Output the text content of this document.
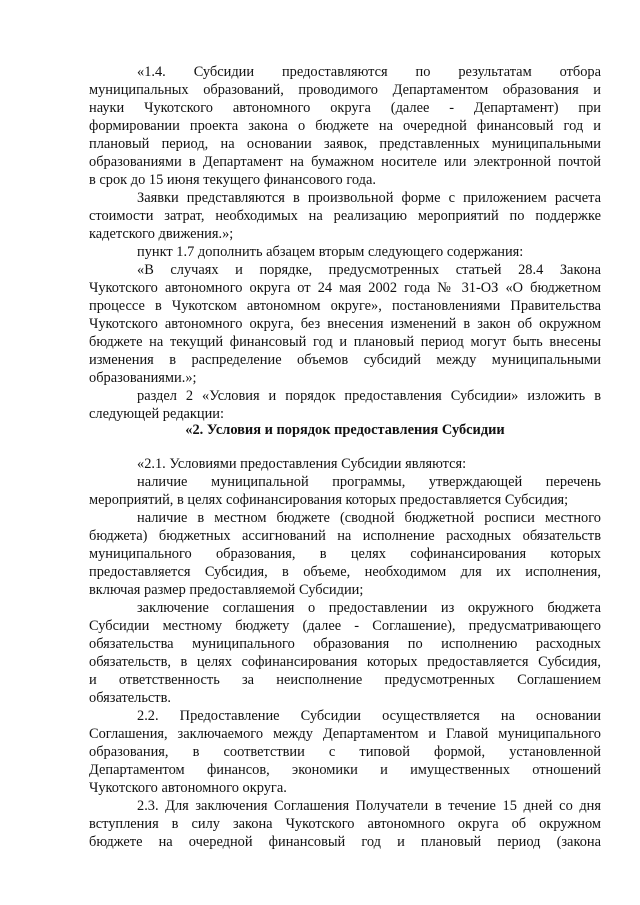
«1.4. Субсидии предоставляются по результатам отбора
муниципальных образований, проводимого Департаментом образования и
науки Чукотского автономного округа (далее - Департамент) при
формировании проекта закона о бюджете на очередной финансовый год и
плановый период, на основании заявок, представленных муниципальными
образованиями в Департамент на бумажном носителе или электронной почтой
в срок до 15 июня текущего финансового года.
Заявки представляются в произвольной форме с приложением расчета
стоимости затрат, необходимых на реализацию мероприятий по поддержке
кадетского движения.»;
пункт 1.7 дополнить абзацем вторым следующего содержания:
«В случаях и порядке, предусмотренных статьей 28.4 Закона
Чукотского автономного округа от 24 мая 2002 года № 31-ОЗ «О бюджетном
процессе в Чукотском автономном округе», постановлениями Правительства
Чукотского автономного округа, без внесения изменений в закон об окружном
бюджете на текущий финансовый год и плановый период могут быть внесены
изменения в распределение объемов субсидий между муниципальными
образованиями.»;
раздел 2 «Условия и порядок предоставления Субсидии» изложить в
следующей редакции:
«2. Условия и порядок предоставления Субсидии
«2.1. Условиями предоставления Субсидии являются:
наличие муниципальной программы, утверждающей перечень
мероприятий, в целях софинансирования которых предоставляется Субсидия;
наличие в местном бюджете (сводной бюджетной росписи местного
бюджета) бюджетных ассигнований на исполнение расходных обязательств
муниципального образования, в целях софинансирования которых
предоставляется Субсидия, в объеме, необходимом для их исполнения,
включая размер предоставляемой Субсидии;
заключение соглашения о предоставлении из окружного бюджета
Субсидии местному бюджету (далее - Соглашение), предусматривающего
обязательства муниципального образования по исполнению расходных
обязательств, в целях софинансирования которых предоставляется Субсидия,
и ответственность за неисполнение предусмотренных Соглашением
обязательств.
2.2. Предоставление Субсидии осуществляется на основании
Соглашения, заключаемого между Департаментом и Главой муниципального
образования, в соответствии с типовой формой, установленной
Департаментом финансов, экономики и имущественных отношений
Чукотского автономного округа.
2.3. Для заключения Соглашения Получатели в течение 15 дней со дня
вступления в силу закона Чукотского автономного округа об окружном
бюджете на очередной финансовый год и плановый период (закона
